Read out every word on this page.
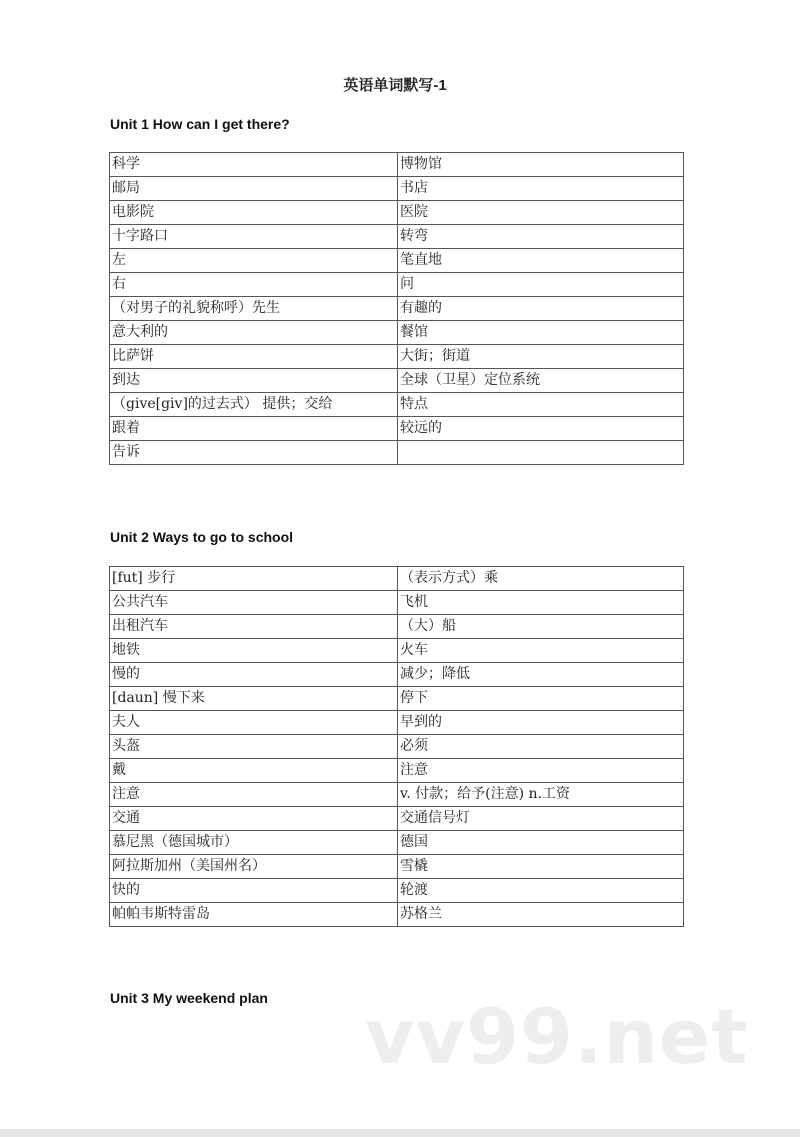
英语单词默写-1
Unit 1 How can I get there?
科学	博物馆
邮局	书店
电影院	医院
十字路口	转弯
左	笔直地
右	问
（对男子的礼貌称呼）先生	有趣的
意大利的	餐馆
比萨饼	大街；街道
到达	全球（卫星）定位系统
（give[giv]的过去式） 提供；交给	特点
跟着	较远的
告诉	
Unit 2 Ways to go to school
[fut] 步行	（表示方式）乘
公共汽车	飞机
出租汽车	（大）船
地铁	火车
慢的	减少；降低
[daun] 慢下来	停下
夫人	早到的
头盔	必须
戴	注意
注意	v. 付款；给予(注意) n.工资
交通	交通信号灯
慕尼黑（德国城市）	德国
阿拉斯加州（美国州名）	雪橇
快的	轮渡
帕帕韦斯特雷岛	苏格兰
Unit 3 My weekend plan vv99.net
